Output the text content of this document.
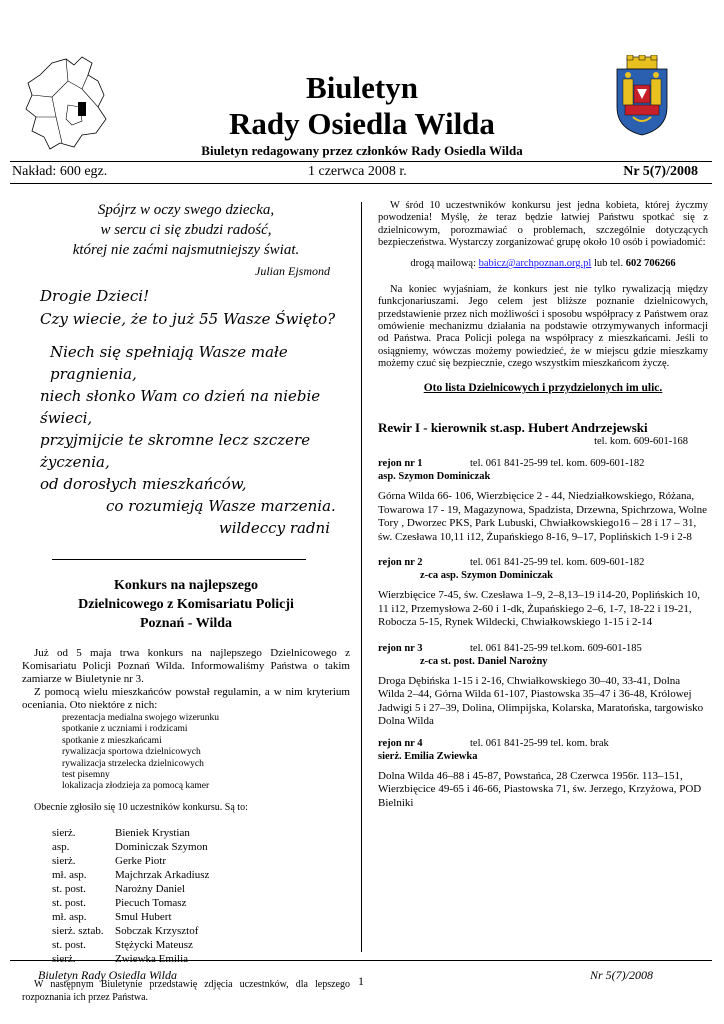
Biuletyn
Rady Osiedla Wilda
Biuletyn redagowany przez członków Rady Osiedla Wilda
Nakład: 600 egz.	1 czerwca 2008 r.	Nr 5(7)/2008
Spójrz w oczy swego dziecka,
w sercu ci się zbudzi radość,
której nie zaćmi najsmutniejszy świat.
Julian Ejsmond
Drogie Dzieci!
Czy wiecie, że to już 55 Wasze Święto?
Niech się spełniają Wasze małe pragnienia,
niech słonko Wam co dzień na niebie świeci,
przyjmijcie te skromne lecz szczere życzenia,
od dorosłych mieszkańców,
co rozumieją Wasze marzenia.
wildeccy radni
Konkurs na najlepszego
Dzielnicowego z Komisariatu Policji
Poznań - Wilda
Już od 5 maja trwa konkurs na najlepszego Dzielnicowego z Komisariatu Policji Poznań Wilda. Informowaliśmy Państwa o takim zamiarze w Biuletynie nr 3.
Z pomocą wielu mieszkańców powstał regulamin, a w nim kryterium oceniania. Oto niektóre z nich:
prezentacja medialna swojego wizerunku
spotkanie z uczniami i rodzicami
spotkanie z mieszkańcami
rywalizacja sportowa dzielnicowych
rywalizacja strzelecka dzielnicowych
test pisemny
lokalizacja złodzieja za pomocą kamer
Obecnie zgłosiło się 10 uczestników konkursu. Są to:
sierż.	Bieniek Krystian
asp.	Dominiczak Szymon
sierż.	Gerke Piotr
mł. asp.	Majchrzak Arkadiusz
st. post.	Narożny Daniel
st. post.	Piecuch Tomasz
mł. asp.	Smul Hubert
sierż. sztab.	Sobczak Krzysztof
st. post.	Stężycki Mateusz
sierż.	Zwiewka Emilia
W następnym Biuletynie przedstawię zdjęcia uczestnków, dla lepszego rozpoznania ich przez Państwa.
W śród 10 uczestwników konkursu jest jedna kobieta, której życzmy powodzenia! Myślę, że teraz będzie łatwiej Państwu spotkać się z dzielnicowym, porozmawiać o problemach, szczególnie dotyczących bezpieczeństwa. Wystarczy zorganizować grupę około 10 osób i powiadomić:
drogą mailową: babicz@archpoznan.org.pl lub tel. 602 706266
Na koniec wyjaśniam, że konkurs jest nie tylko rywalizacją między funkcjonariuszami. Jego celem jest bliższe poznanie dzielnicowych, przedstawienie przez nich możliwości i sposobu współpracy z Państwem oraz omówienie mechanizmu działania na podstawie otrzymywanych informacji od Państwa. Praca Policji polega na współpracy z mieszkańcami. Jeśli to osiągniemy, wówczas możemy powiedzieć, że w miejscu gdzie mieszkamy możemy czuć się bezpiecznie, czego wszystkim mieszkańcom życzę.
Oto lista Dzielnicowych i przydzielonych im ulic.
Rewir I - kierownik st.asp. Hubert Andrzejewski
tel. kom. 609-601-168
rejon nr 1	tel. 061 841-25-99 tel. kom. 609-601-182
asp. Szymon Dominiczak
Górna Wilda 66- 106, Wierzbięcice 2 - 44, Niedziałkowskiego, Różana, Towarowa 17 - 19, Magazynowa, Spadzista, Drzewna, Spichrzowa, Wolne Tory , Dworzec PKS, Park Lubuski, Chwiałkowskiego16 – 28 i 17 – 31, św. Czesława 10,11 i12, Żupańskiego 8-16, 9–17, Poplińskich 1-9 i 2-8
rejon nr 2	tel. 061 841-25-99 tel. kom. 609-601-182
z-ca asp. Szymon Dominiczak
Wierzbięcice 7-45, św. Czesława 1–9, 2–8,13–19 i14-20, Poplińskich 10, 11 i12, Przemysłowa 2-60 i 1-dk, Żupańskiego 2–6, 1-7, 18-22 i 19-21, Robocza 5-15, Rynek Wildecki, Chwiałkowskiego 1-15 i 2-14
rejon nr 3	tel. 061 841-25-99 tel.kom. 609-601-185
z-ca st. post. Daniel Narożny
Droga Dębińska 1-15 i 2-16, Chwiałkowskiego 30–40, 33-41, Dolna Wilda 2–44, Górna Wilda 61-107, Piastowska 35–47 i 36-48, Królowej Jadwigi 5 i 27–39, Dolina, Olimpijska, Kolarska, Maratońska, targowisko Dolna Wilda
rejon nr 4	tel. 061 841-25-99 tel. kom. brak
sierż. Emilia Zwiewka
Dolna Wilda 46–88 i 45-87, Powstańca, 28 Czerwca 1956r. 113–151, Wierzbięcice 49-65 i 46-66, Piastowska 71, św. Jerzego, Krzyżowa, POD Bielniki
Biuletyn Rady Osiedla Wilda	1	Nr 5(7)/2008
